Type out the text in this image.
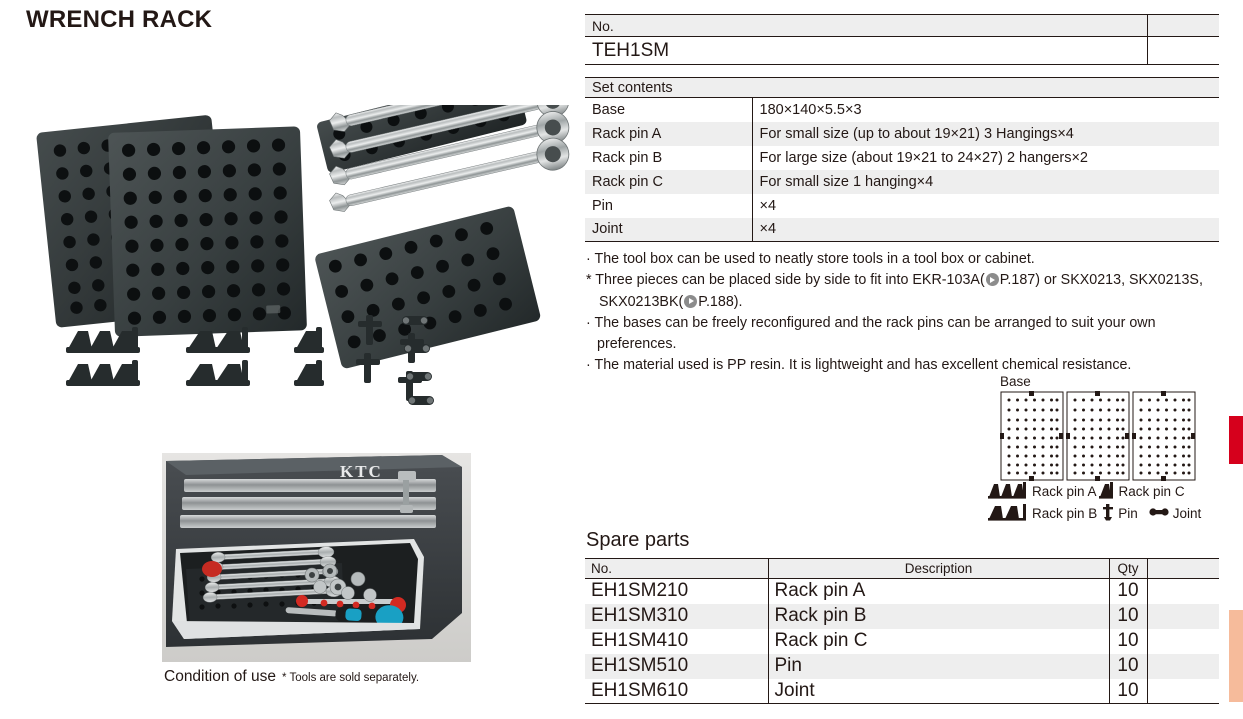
WRENCH RACK
KTC
Condition of use * Tools are sold separately.
No.	
TEH1SM	
Set contents	
Base	180×140×5.5×3
Rack pin A	For small size (up to about 19×21) 3 Hangings×4
Rack pin B	For large size (about 19×21 to 24×27) 2 hangers×2
Rack pin C	For small size 1 hanging×4
Pin	×4
Joint	×4
· The tool box can be used to neatly store tools in a tool box or cabinet.
* Three pieces can be placed side by side to fit into EKR-103A( P.187) or SKX0213, SKX0213S, SKX0213BK( P.188).
· The bases can be freely reconfigured and the rack pins can be arranged to suit your own preferences.
· The material used is PP resin. It is lightweight and has excellent chemical resistance.
Base
Rack pin A Rack pin C
Rack pin B Pin	Joint
Spare parts
No.	Description	Qty	
EH1SM210	Rack pin A	10	
EH1SM310	Rack pin B	10	
EH1SM410	Rack pin C	10	
EH1SM510	Pin	10	
EH1SM610	Joint	10	
